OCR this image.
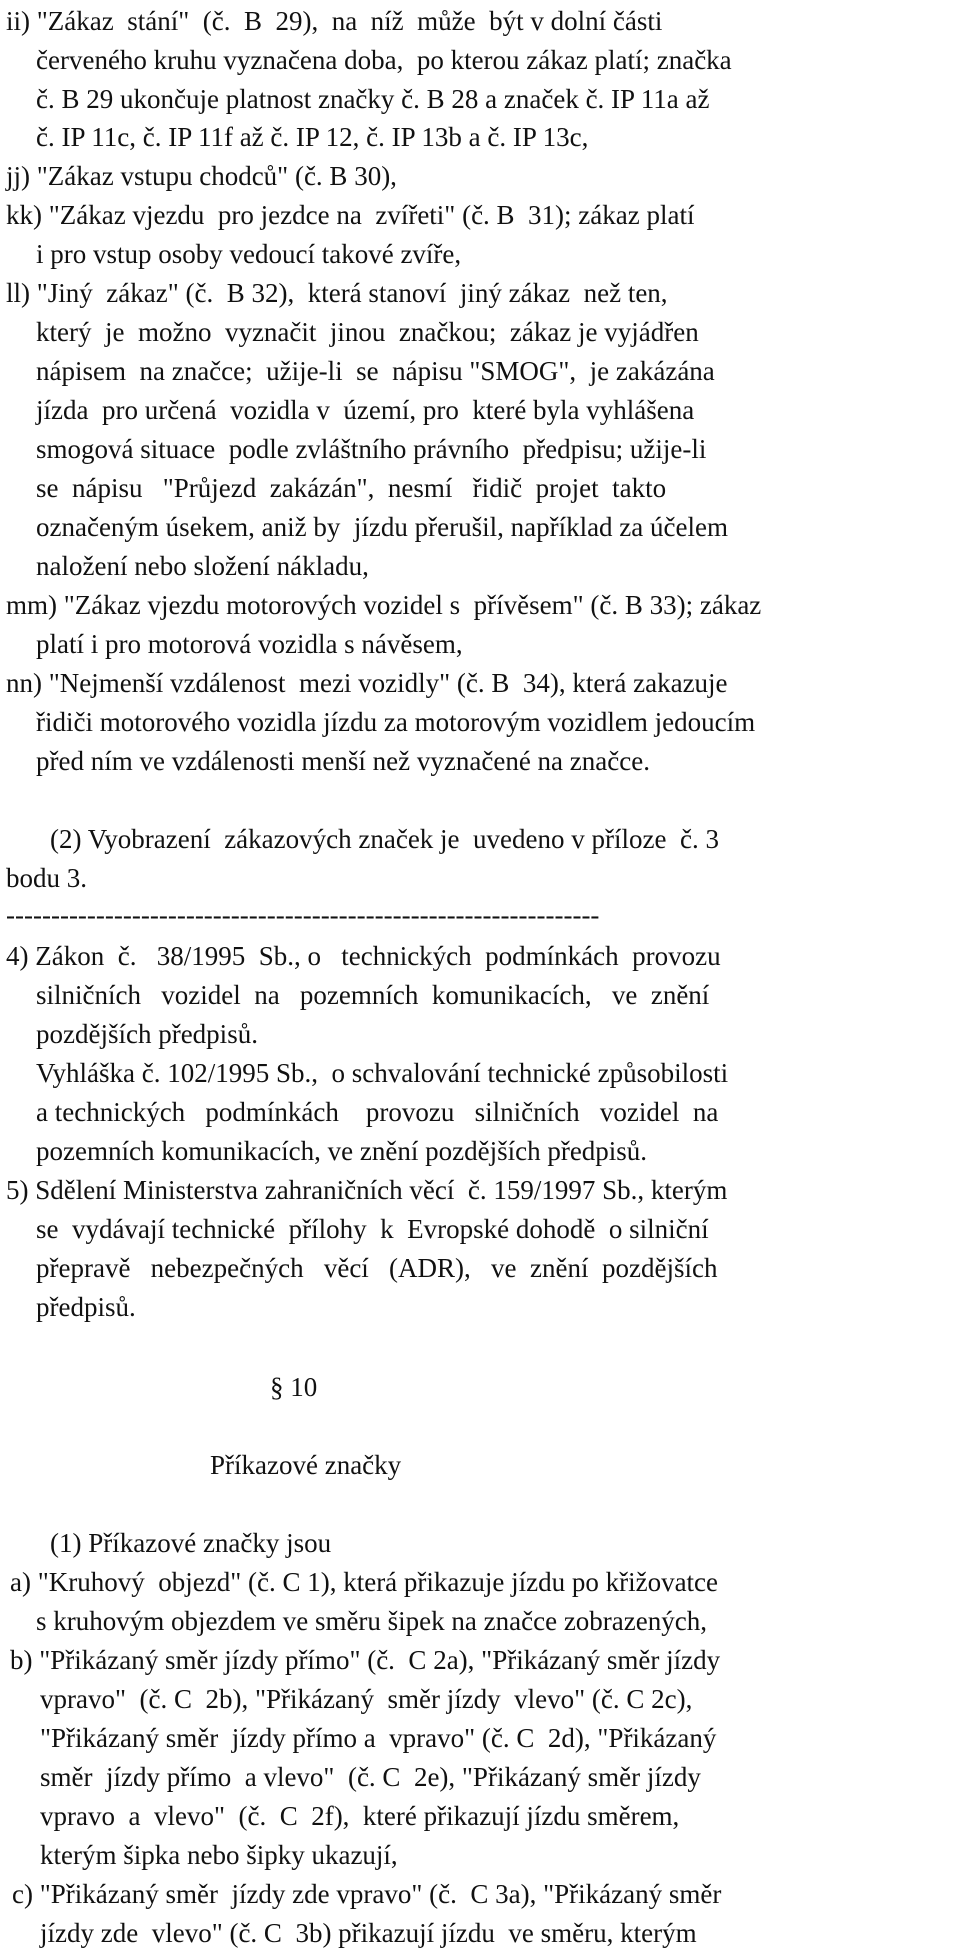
ii) "Zákaz  stání"  (č.  B  29),  na  níž  může  být v dolní části
červeného kruhu vyznačena doba,  po kterou zákaz platí; značka
č. B 29 ukončuje platnost značky č. B 28 a značek č. IP 11a až
č. IP 11c, č. IP 11f až č. IP 12, č. IP 13b a č. IP 13c,
jj) "Zákaz vstupu chodců" (č. B 30),
kk) "Zákaz vjezdu  pro jezdce na  zvířeti" (č. B  31); zákaz platí
i pro vstup osoby vedoucí takové zvíře,
ll) "Jiný  zákaz" (č.  B 32),  která stanoví  jiný zákaz  než ten,
který  je  možno  vyznačit  jinou  značkou;  zákaz je vyjádřen
nápisem  na značce;  užije-li  se  nápisu "SMOG",  je zakázána
jízda  pro určená  vozidla v  území, pro  které byla vyhlášena
smogová situace  podle zvláštního právního  předpisu; užije-li
se  nápisu   "Průjezd  zakázán",  nesmí   řidič  projet  takto
označeným úsekem, aniž by  jízdu přerušil, například za účelem
naložení nebo složení nákladu,
mm) "Zákaz vjezdu motorových vozidel s  přívěsem" (č. B 33); zákaz
platí i pro motorová vozidla s návěsem,
nn) "Nejmenší vzdálenost  mezi vozidly" (č. B  34), která zakazuje
řidiči motorového vozidla jízdu za motorovým vozidlem jedoucím
před ním ve vzdálenosti menší než vyznačené na značce.
(2) Vyobrazení  zákazových značek je  uvedeno v příloze  č. 3
bodu 3.
------------------------------------------------------------------
4) Zákon  č.   38/1995  Sb., o   technických  podmínkách  provozu
silničních   vozidel  na   pozemních  komunikacích,   ve  znění
pozdějších předpisů.
Vyhláška č. 102/1995 Sb.,  o schvalování technické způsobilosti
a technických   podmínkách    provozu   silničních   vozidel  na
pozemních komunikacích, ve znění pozdějších předpisů.
5) Sdělení Ministerstva zahraničních věcí  č. 159/1997 Sb., kterým
se  vydávají technické  přílohy  k  Evropské dohodě  o silniční
přepravě   nebezpečných   věcí   (ADR),   ve  znění  pozdějších
předpisů.
§ 10
Příkazové značky
(1) Příkazové značky jsou
a) "Kruhový  objezd" (č. C 1), která přikazuje jízdu po křižovatce
s kruhovým objezdem ve směru šipek na značce zobrazených,
b) "Přikázaný směr jízdy přímo" (č.  C 2a), "Přikázaný směr jízdy
vpravo"  (č. C  2b), "Přikázaný  směr jízdy  vlevo" (č. C 2c),
"Přikázaný směr  jízdy přímo a  vpravo" (č. C  2d), "Přikázaný
směr  jízdy přímo  a vlevo"  (č. C  2e), "Přikázaný směr jízdy
vpravo  a  vlevo"  (č.  C  2f),  které přikazují jízdu směrem,
kterým šipka nebo šipky ukazují,
c) "Přikázaný směr  jízdy zde vpravo" (č.  C 3a), "Přikázaný směr
jízdy zde  vlevo" (č. C  3b) přikazují jízdu  ve směru, kterým
